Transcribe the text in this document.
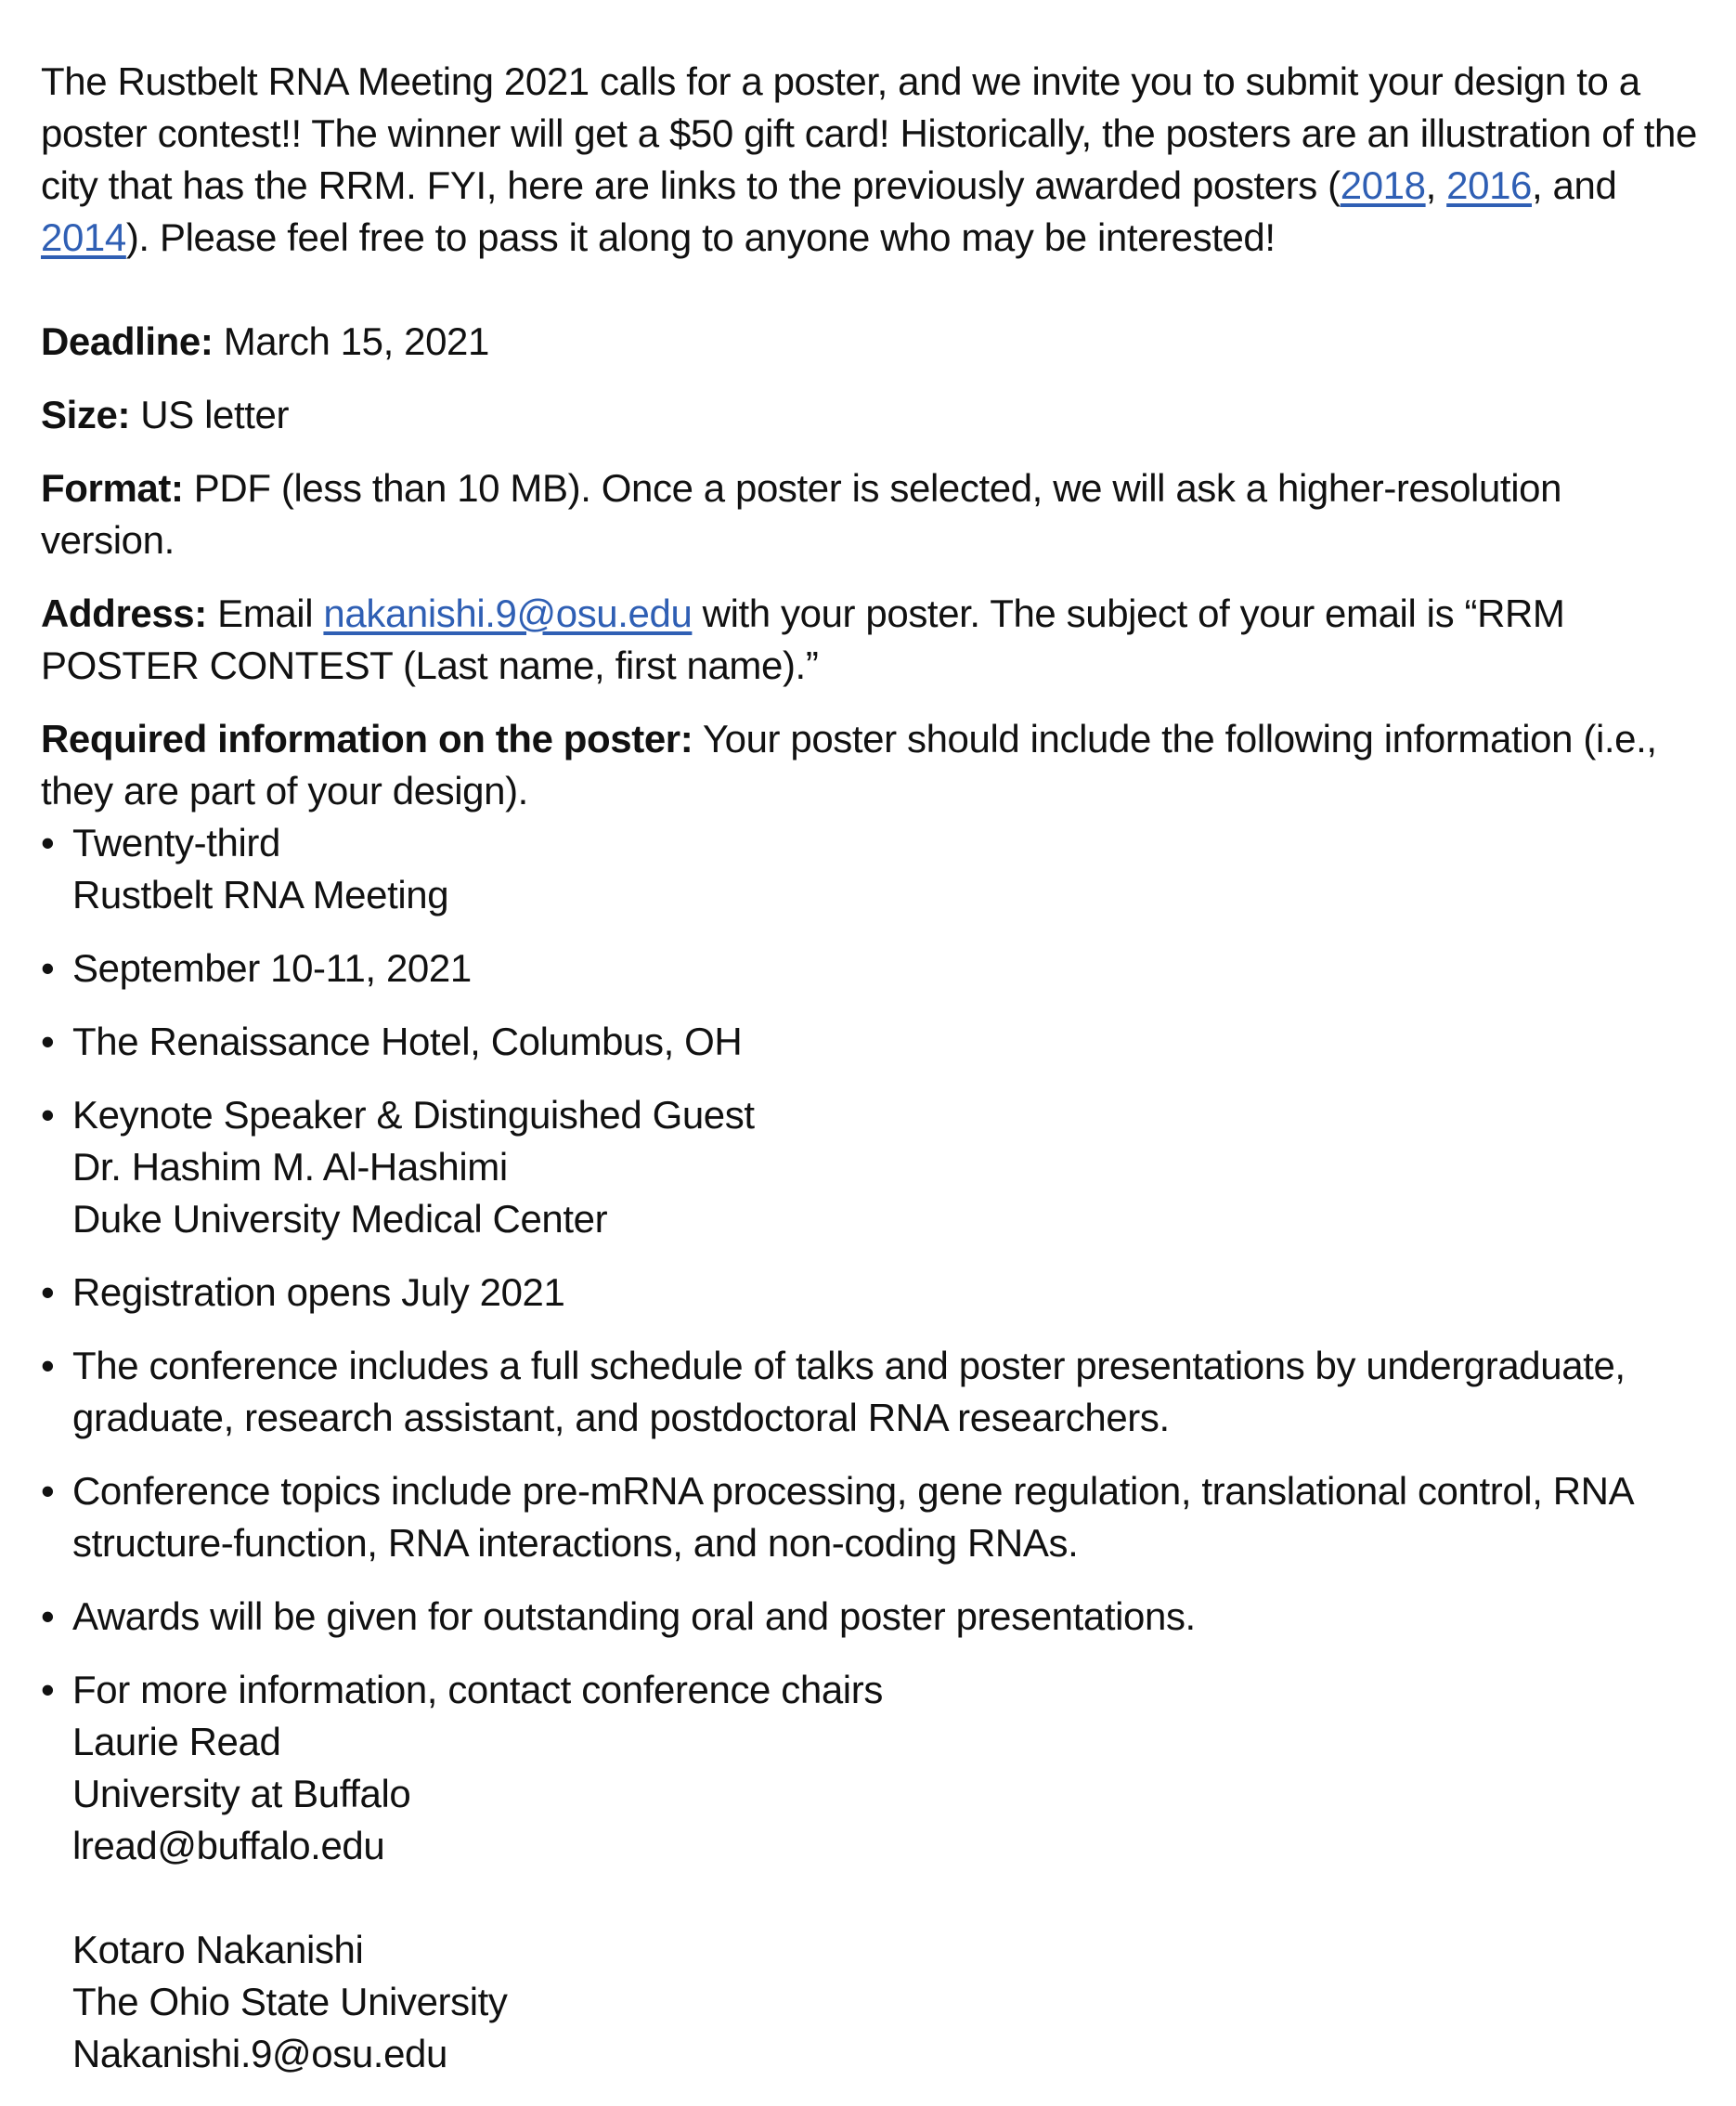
The Rustbelt RNA Meeting 2021 calls for a poster, and we invite you to submit your design to a poster contest!! The winner will get a $50 gift card! Historically, the posters are an illustration of the city that has the RRM. FYI, here are links to the previously awarded posters (2018, 2016, and 2014). Please feel free to pass it along to anyone who may be interested!

Deadline: March 15, 2021

Size: US letter

Format: PDF (less than 10 MB). Once a poster is selected, we will ask a higher-resolution version.

Address: Email nakanishi.9@osu.edu with your poster. The subject of your email is “RRM POSTER CONTEST (Last name, first name).”

Required information on the poster: Your poster should include the following information (i.e., they are part of your design).

• Twenty-third
Rustbelt RNA Meeting
• September 10-11, 2021
• The Renaissance Hotel, Columbus, OH
• Keynote Speaker & Distinguished Guest
Dr. Hashim M. Al-Hashimi
Duke University Medical Center
• Registration opens July 2021
• The conference includes a full schedule of talks and poster presentations by undergraduate, graduate, research assistant, and postdoctoral RNA researchers.
• Conference topics include pre-mRNA processing, gene regulation, translational control, RNA structure-function, RNA interactions, and non-coding RNAs.
• Awards will be given for outstanding oral and poster presentations.
• For more information, contact conference chairs
Laurie Read
University at Buffalo
lread@buffalo.edu
Kotaro Nakanishi
The Ohio State University
Nakanishi.9@osu.edu
